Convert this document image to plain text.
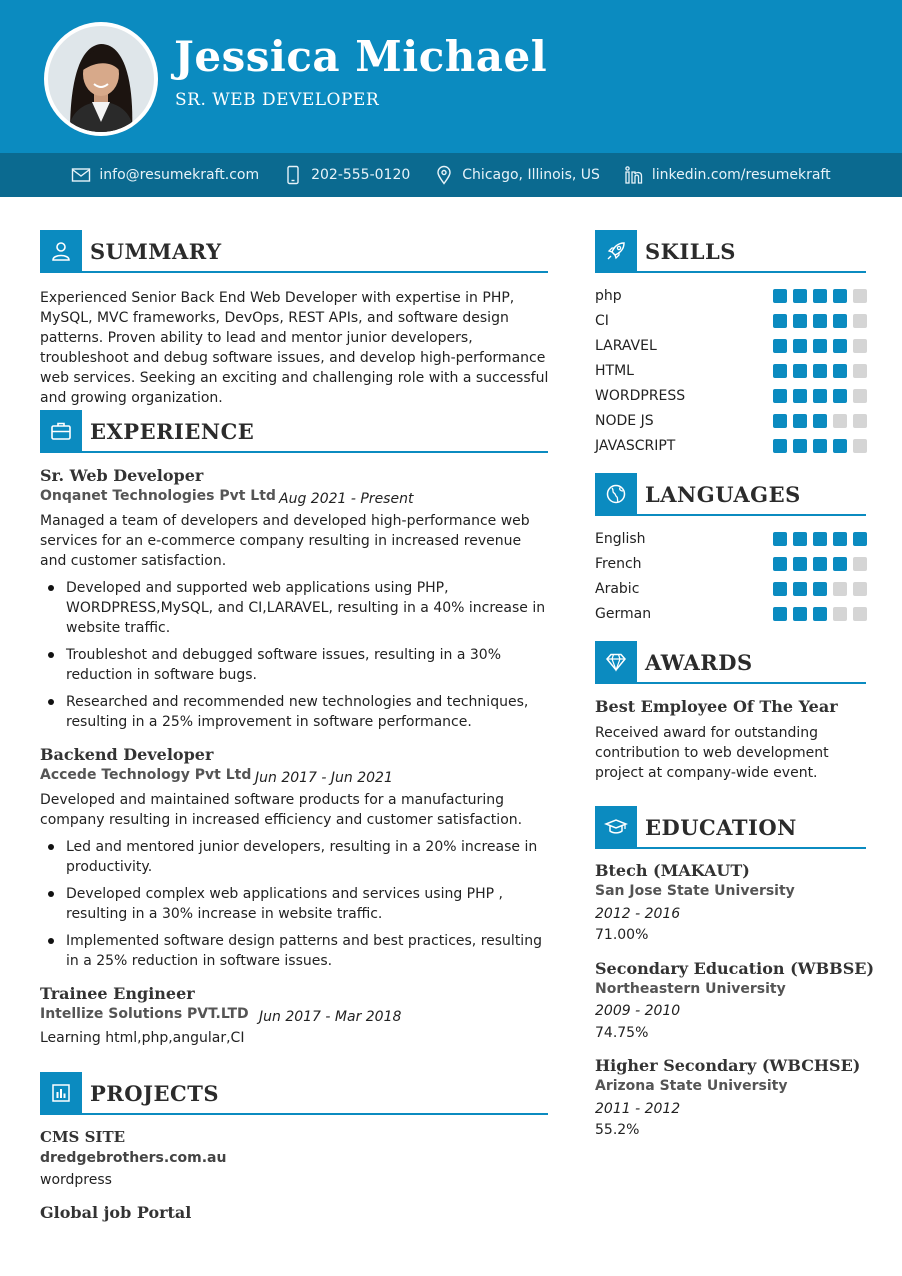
Jessica Michael
SR. WEB DEVELOPER
info@resumekraft.com	202-555-0120	Chicago, Illinois, US	linkedin.com/resumekraft
SUMMARY
Experienced Senior Back End Web Developer with expertise in PHP, MySQL, MVC frameworks, DevOps, REST APIs, and software design patterns. Proven ability to lead and mentor junior developers, troubleshoot and debug software issues, and develop high-performance web services. Seeking an exciting and challenging role with a successful and growing organization.
EXPERIENCE
Sr. Web Developer
Onqanet Technologies Pvt Ltd Aug 2021 - Present
Managed a team of developers and developed high-performance web services for an e-commerce company resulting in increased revenue and customer satisfaction.
Developed and supported web applications using PHP, WORDPRESS,MySQL, and CI,LARAVEL, resulting in a 40% increase in website traffic.
Troubleshot and debugged software issues, resulting in a 30% reduction in software bugs.
Researched and recommended new technologies and techniques, resulting in a 25% improvement in software performance.
Backend Developer
Accede Technology Pvt Ltd Jun 2017 - Jun 2021
Developed and maintained software products for a manufacturing company resulting in increased efficiency and customer satisfaction.
Led and mentored junior developers, resulting in a 20% increase in productivity.
Developed complex web applications and services using PHP , resulting in a 30% increase in website traffic.
Implemented software design patterns and best practices, resulting in a 25% reduction in software issues.
Trainee Engineer
Intellize Solutions PVT.LTD Jun 2017 - Mar 2018
Learning html,php,angular,CI
PROJECTS
CMS SITE
dredgebrothers.com.au
wordpress
Global job Portal
SKILLS
php
CI
LARAVEL
HTML
WORDPRESS
NODE JS
JAVASCRIPT
LANGUAGES
English
French
Arabic
German
AWARDS
Best Employee Of The Year
Received award for outstanding contribution to web development project at company-wide event.
EDUCATION
Btech (MAKAUT)
San Jose State University
2012 - 2016
71.00%
Secondary Education (WBBSE)
Northeastern University
2009 - 2010
74.75%
Higher Secondary (WBCHSE)
Arizona State University
2011 - 2012
55.2%
